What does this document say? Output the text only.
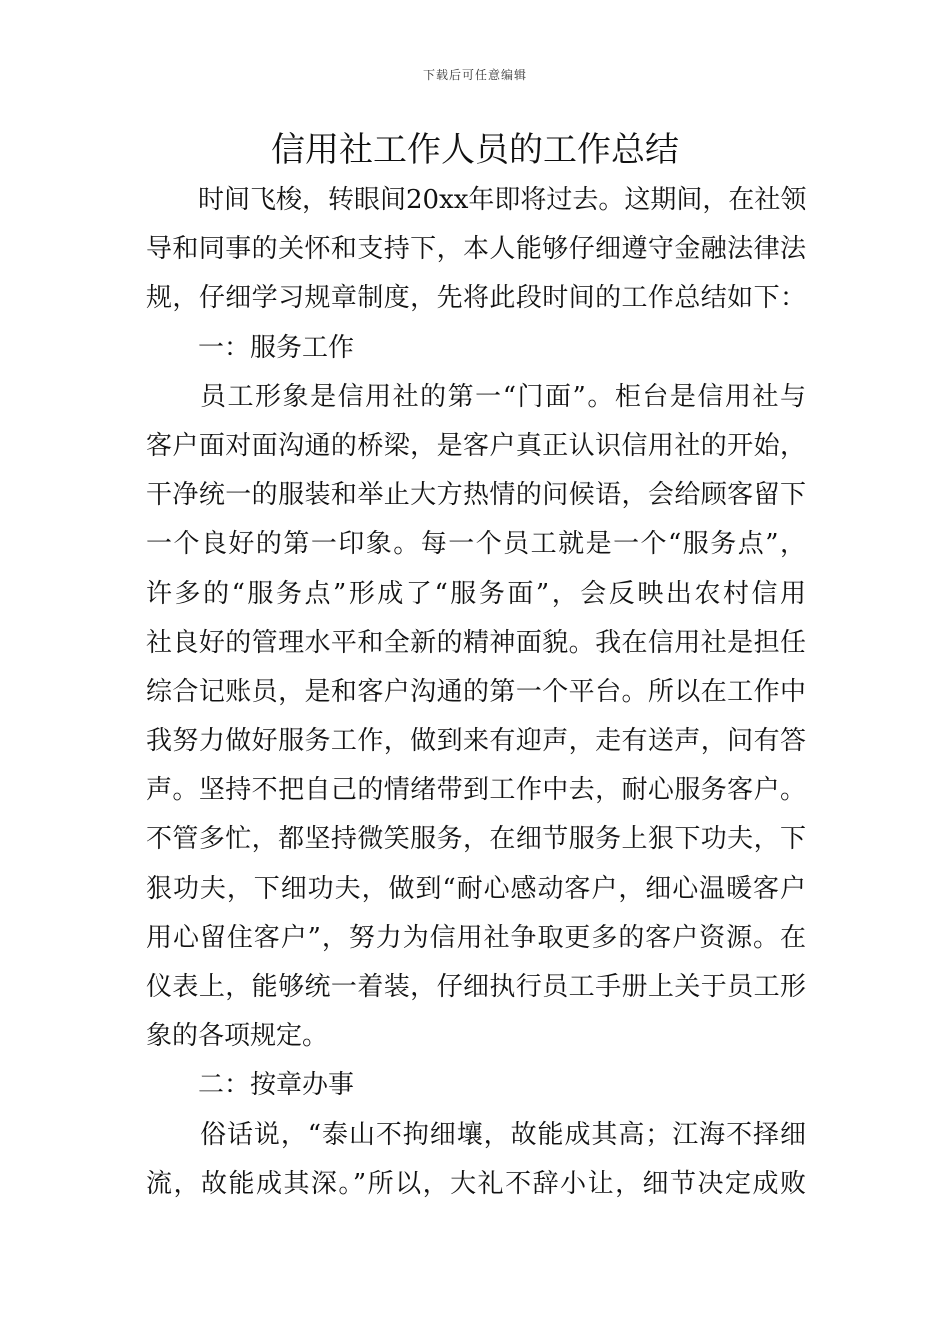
下载后可任意编辑
信用社工作人员的工作总结
时间飞梭，转眼间20xx年即将过去。这期间，在社领
导和同事的关怀和支持下，本人能够仔细遵守金融法律法
规，仔细学习规章制度，先将此段时间的工作总结如下：
一：服务工作
员工形象是信用社的第一“门面”。柜台是信用社与
客户面对面沟通的桥梁，是客户真正认识信用社的开始，
干净统一的服装和举止大方热情的问候语，会给顾客留下
一个良好的第一印象。每一个员工就是一个“服务点”，
许多的“服务点”形成了“服务面”，会反映出农村信用
社良好的管理水平和全新的精神面貌。我在信用社是担任
综合记账员，是和客户沟通的第一个平台。所以在工作中
我努力做好服务工作，做到来有迎声，走有送声，问有答
声。坚持不把自己的情绪带到工作中去，耐心服务客户。
不管多忙，都坚持微笑服务，在细节服务上狠下功夫，下
狠功夫，下细功夫，做到“耐心感动客户，细心温暖客户
用心留住客户”，努力为信用社争取更多的客户资源。在
仪表上，能够统一着装，仔细执行员工手册上关于员工形
象的各项规定。
二：按章办事
俗话说，“泰山不拘细壤，故能成其高；江海不择细
流，故能成其深。”所以，大礼不辞小让，细节决定成败
